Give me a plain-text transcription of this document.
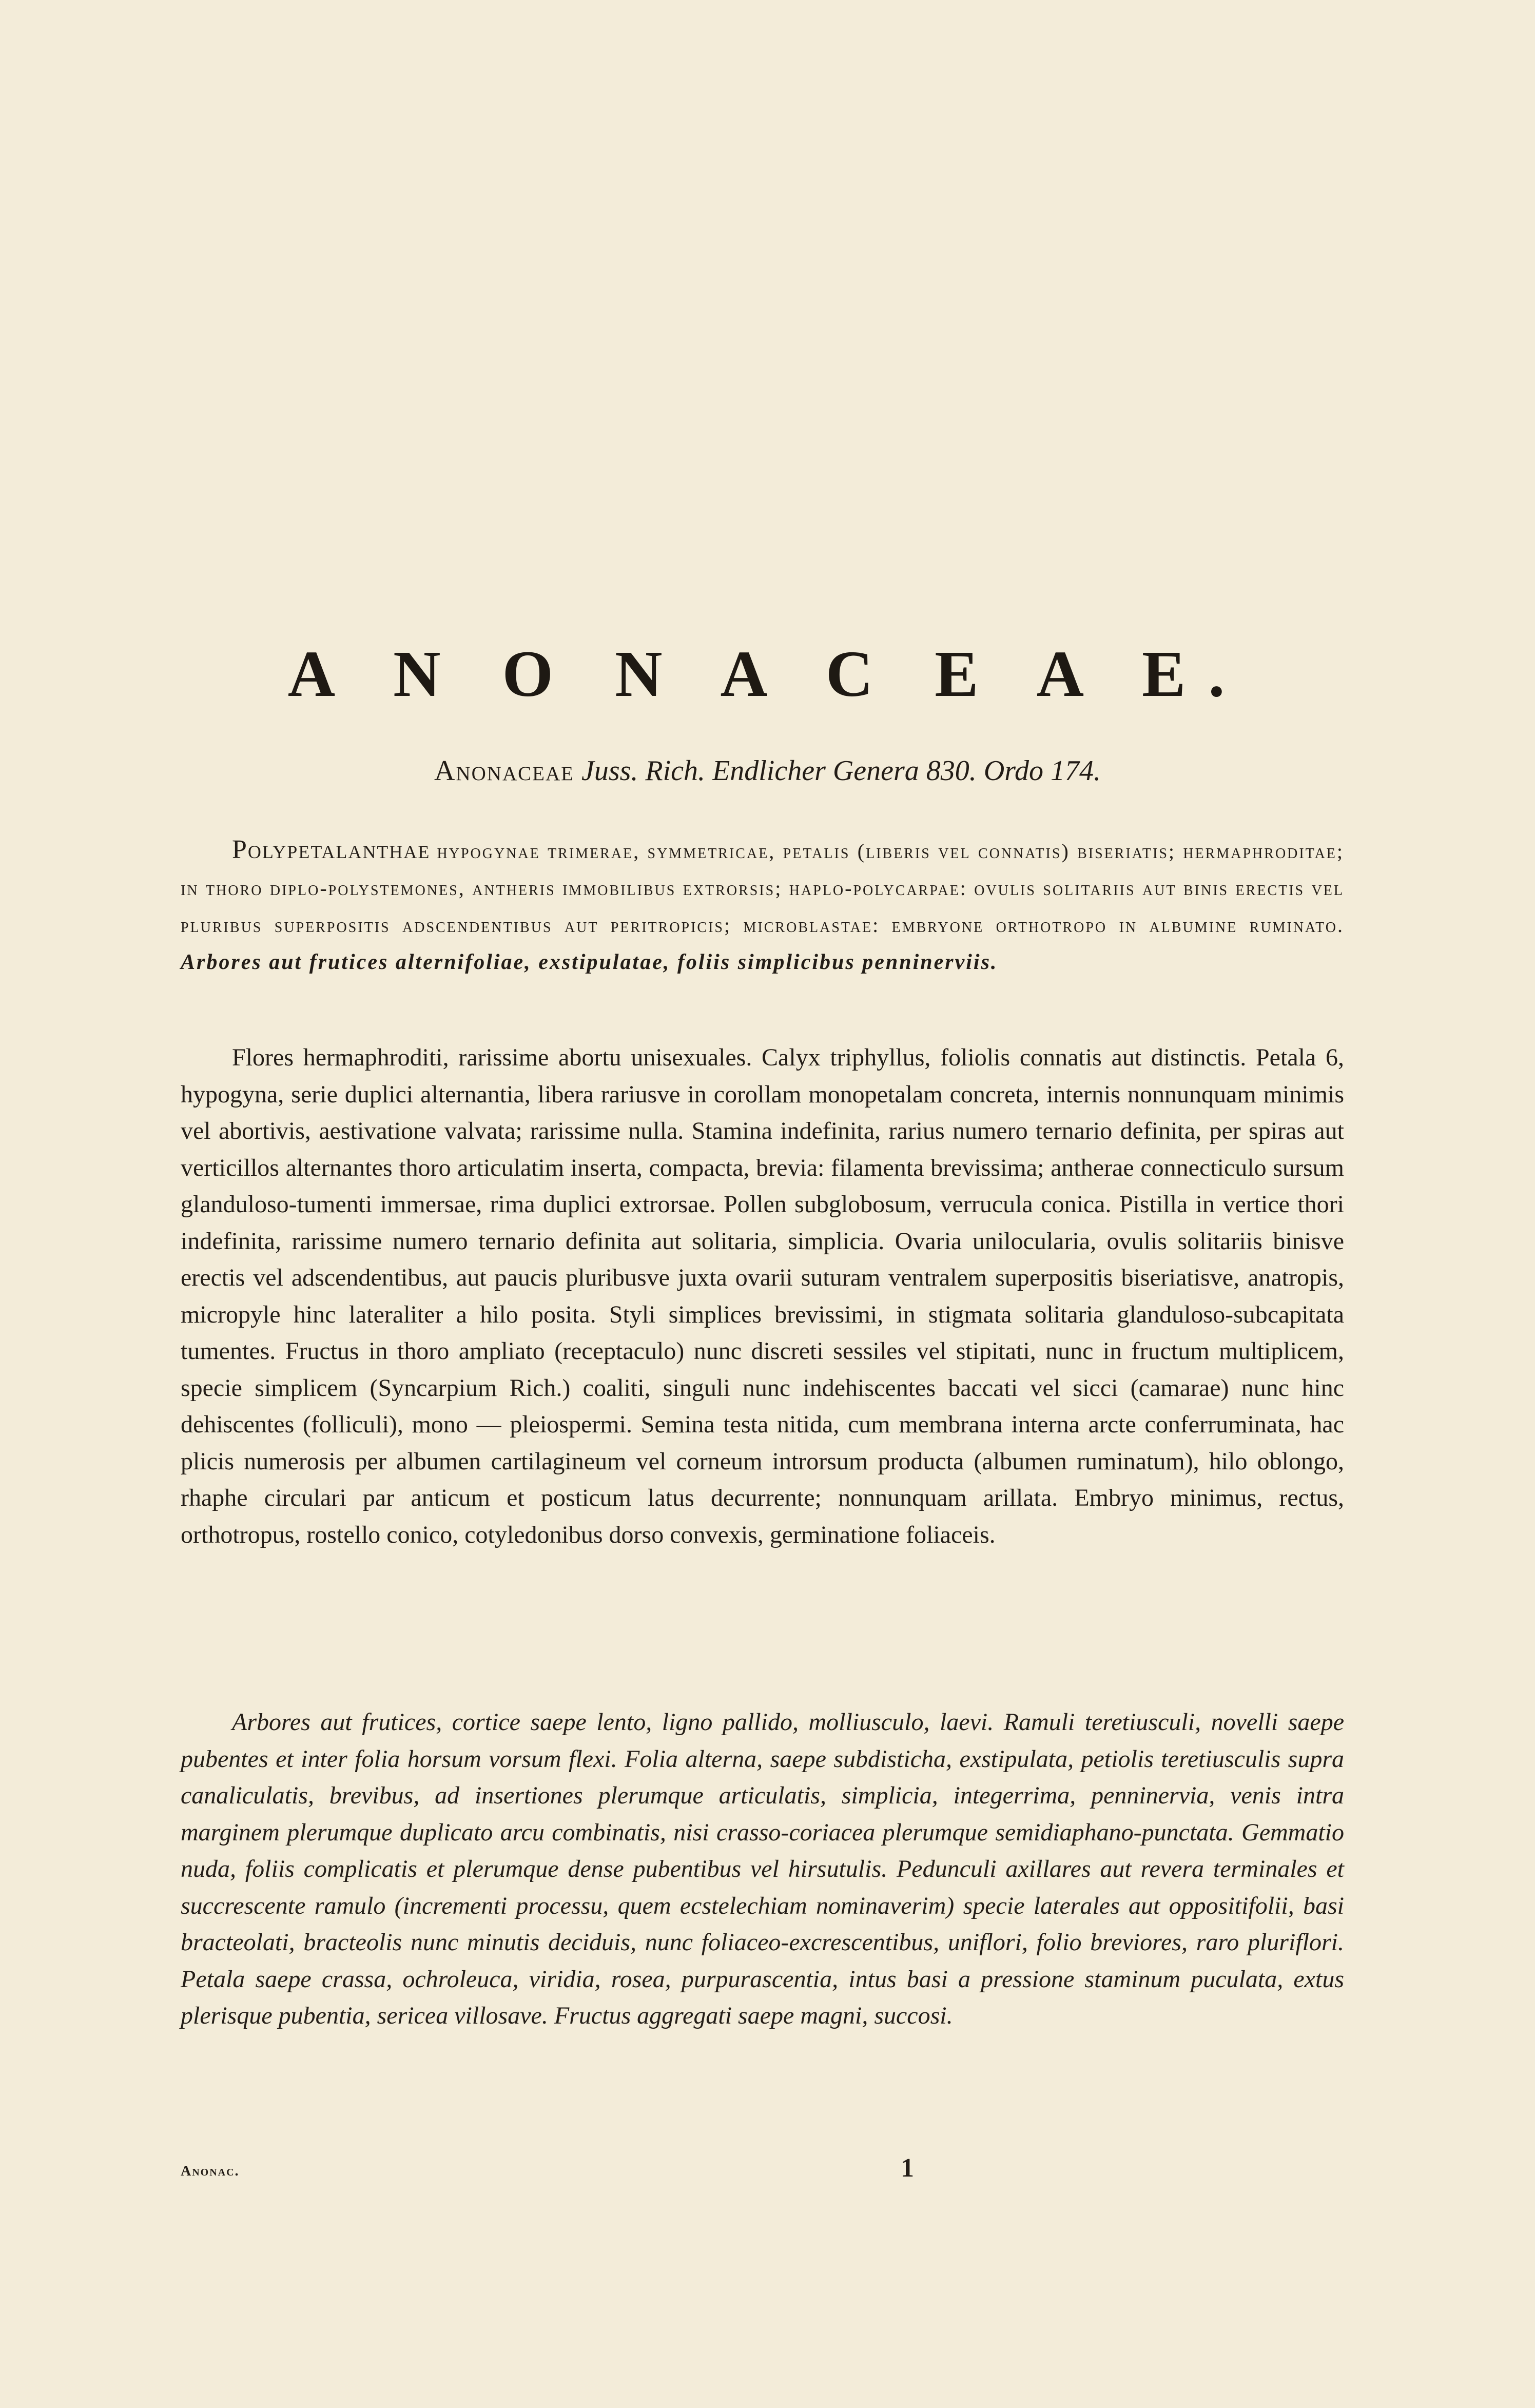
A N O N A C E A E.
Anonaceae Juss. Rich. Endlicher Genera 830. Ordo 174.

Polypetalanthae hypogynae trimerae, symmetricae, petalis (liberis vel connatis) biseriatis; hermaphroditae; in thoro diplo-polystemones, antheris immobilibus extrorsis; haplo-polycarpae: ovulis solitariis aut binis erectis vel pluribus superpositis adscendentibus aut peritropicis; microblastae: embryone orthotropo in albumine ruminato. Arbores aut frutices alternifoliae, exstipulatae, foliis simplicibus penninerviis.

Flores hermaphroditi, rarissime abortu unisexuales. Calyx triphyllus, foliolis connatis aut distinctis. Petala 6, hypogyna, serie duplici alternantia, libera rariusve in corollam monopetalam concreta, internis nonnunquam minimis vel abortivis, aestivatione valvata; rarissime nulla. Stamina indefinita, rarius numero ternario definita, per spiras aut verticillos alternantes thoro articulatim inserta, compacta, brevia: filamenta brevissima; antherae connecticulo sursum glanduloso-tumenti immersae, rima duplici extrorsae. Pollen subglobosum, verrucula conica. Pistilla in vertice thori indefinita, rarissime numero ternario definita aut solitaria, simplicia. Ovaria unilocularia, ovulis solitariis binisve erectis vel adscendentibus, aut paucis pluribusve juxta ovarii suturam ventralem superpositis biseriatisve, anatropis, micropyle hinc lateraliter a hilo posita. Styli simplices brevissimi, in stigmata solitaria glanduloso-subcapitata tumentes. Fructus in thoro ampliato (receptaculo) nunc discreti sessiles vel stipitati, nunc in fructum multiplicem, specie simplicem (Syncarpium Rich.) coaliti, singuli nunc indehiscentes baccati vel sicci (camarae) nunc hinc dehiscentes (folliculi), mono — pleiospermi. Semina testa nitida, cum membrana interna arcte conferruminata, hac plicis numerosis per albumen cartilagineum vel corneum introrsum producta (albumen ruminatum), hilo oblongo, rhaphe circulari par anticum et posticum latus decurrente; nonnunquam arillata. Embryo minimus, rectus, orthotropus, rostello conico, cotyledonibus dorso convexis, germinatione foliaceis.

Arbores aut frutices, cortice saepe lento, ligno pallido, molliusculo, laevi. Ramuli teretiusculi, novelli saepe pubentes et inter folia horsum vorsum flexi. Folia alterna, saepe subdisticha, exstipulata, petiolis teretiusculis supra canaliculatis, brevibus, ad insertiones plerumque articulatis, simplicia, integerrima, penninervia, venis intra marginem plerumque duplicato arcu combinatis, nisi crasso-coriacea plerumque semidiaphano-punctata. Gemmatio nuda, foliis complicatis et plerumque dense pubentibus vel hirsutulis. Pedunculi axillares aut revera terminales et succrescente ramulo (incrementi processu, quem ecstelechiam nominaverim) specie laterales aut oppositifolii, basi bracteolati, bracteolis nunc minutis deciduis, nunc foliaceo-excrescentibus, uniflori, folio breviores, raro pluriflori. Petala saepe crassa, ochroleuca, viridia, rosea, purpurascentia, intus basi a pressione staminum puculata, extus plerisque pubentia, sericea villosave. Fructus aggregati saepe magni, succosi.

Anonac.	1
